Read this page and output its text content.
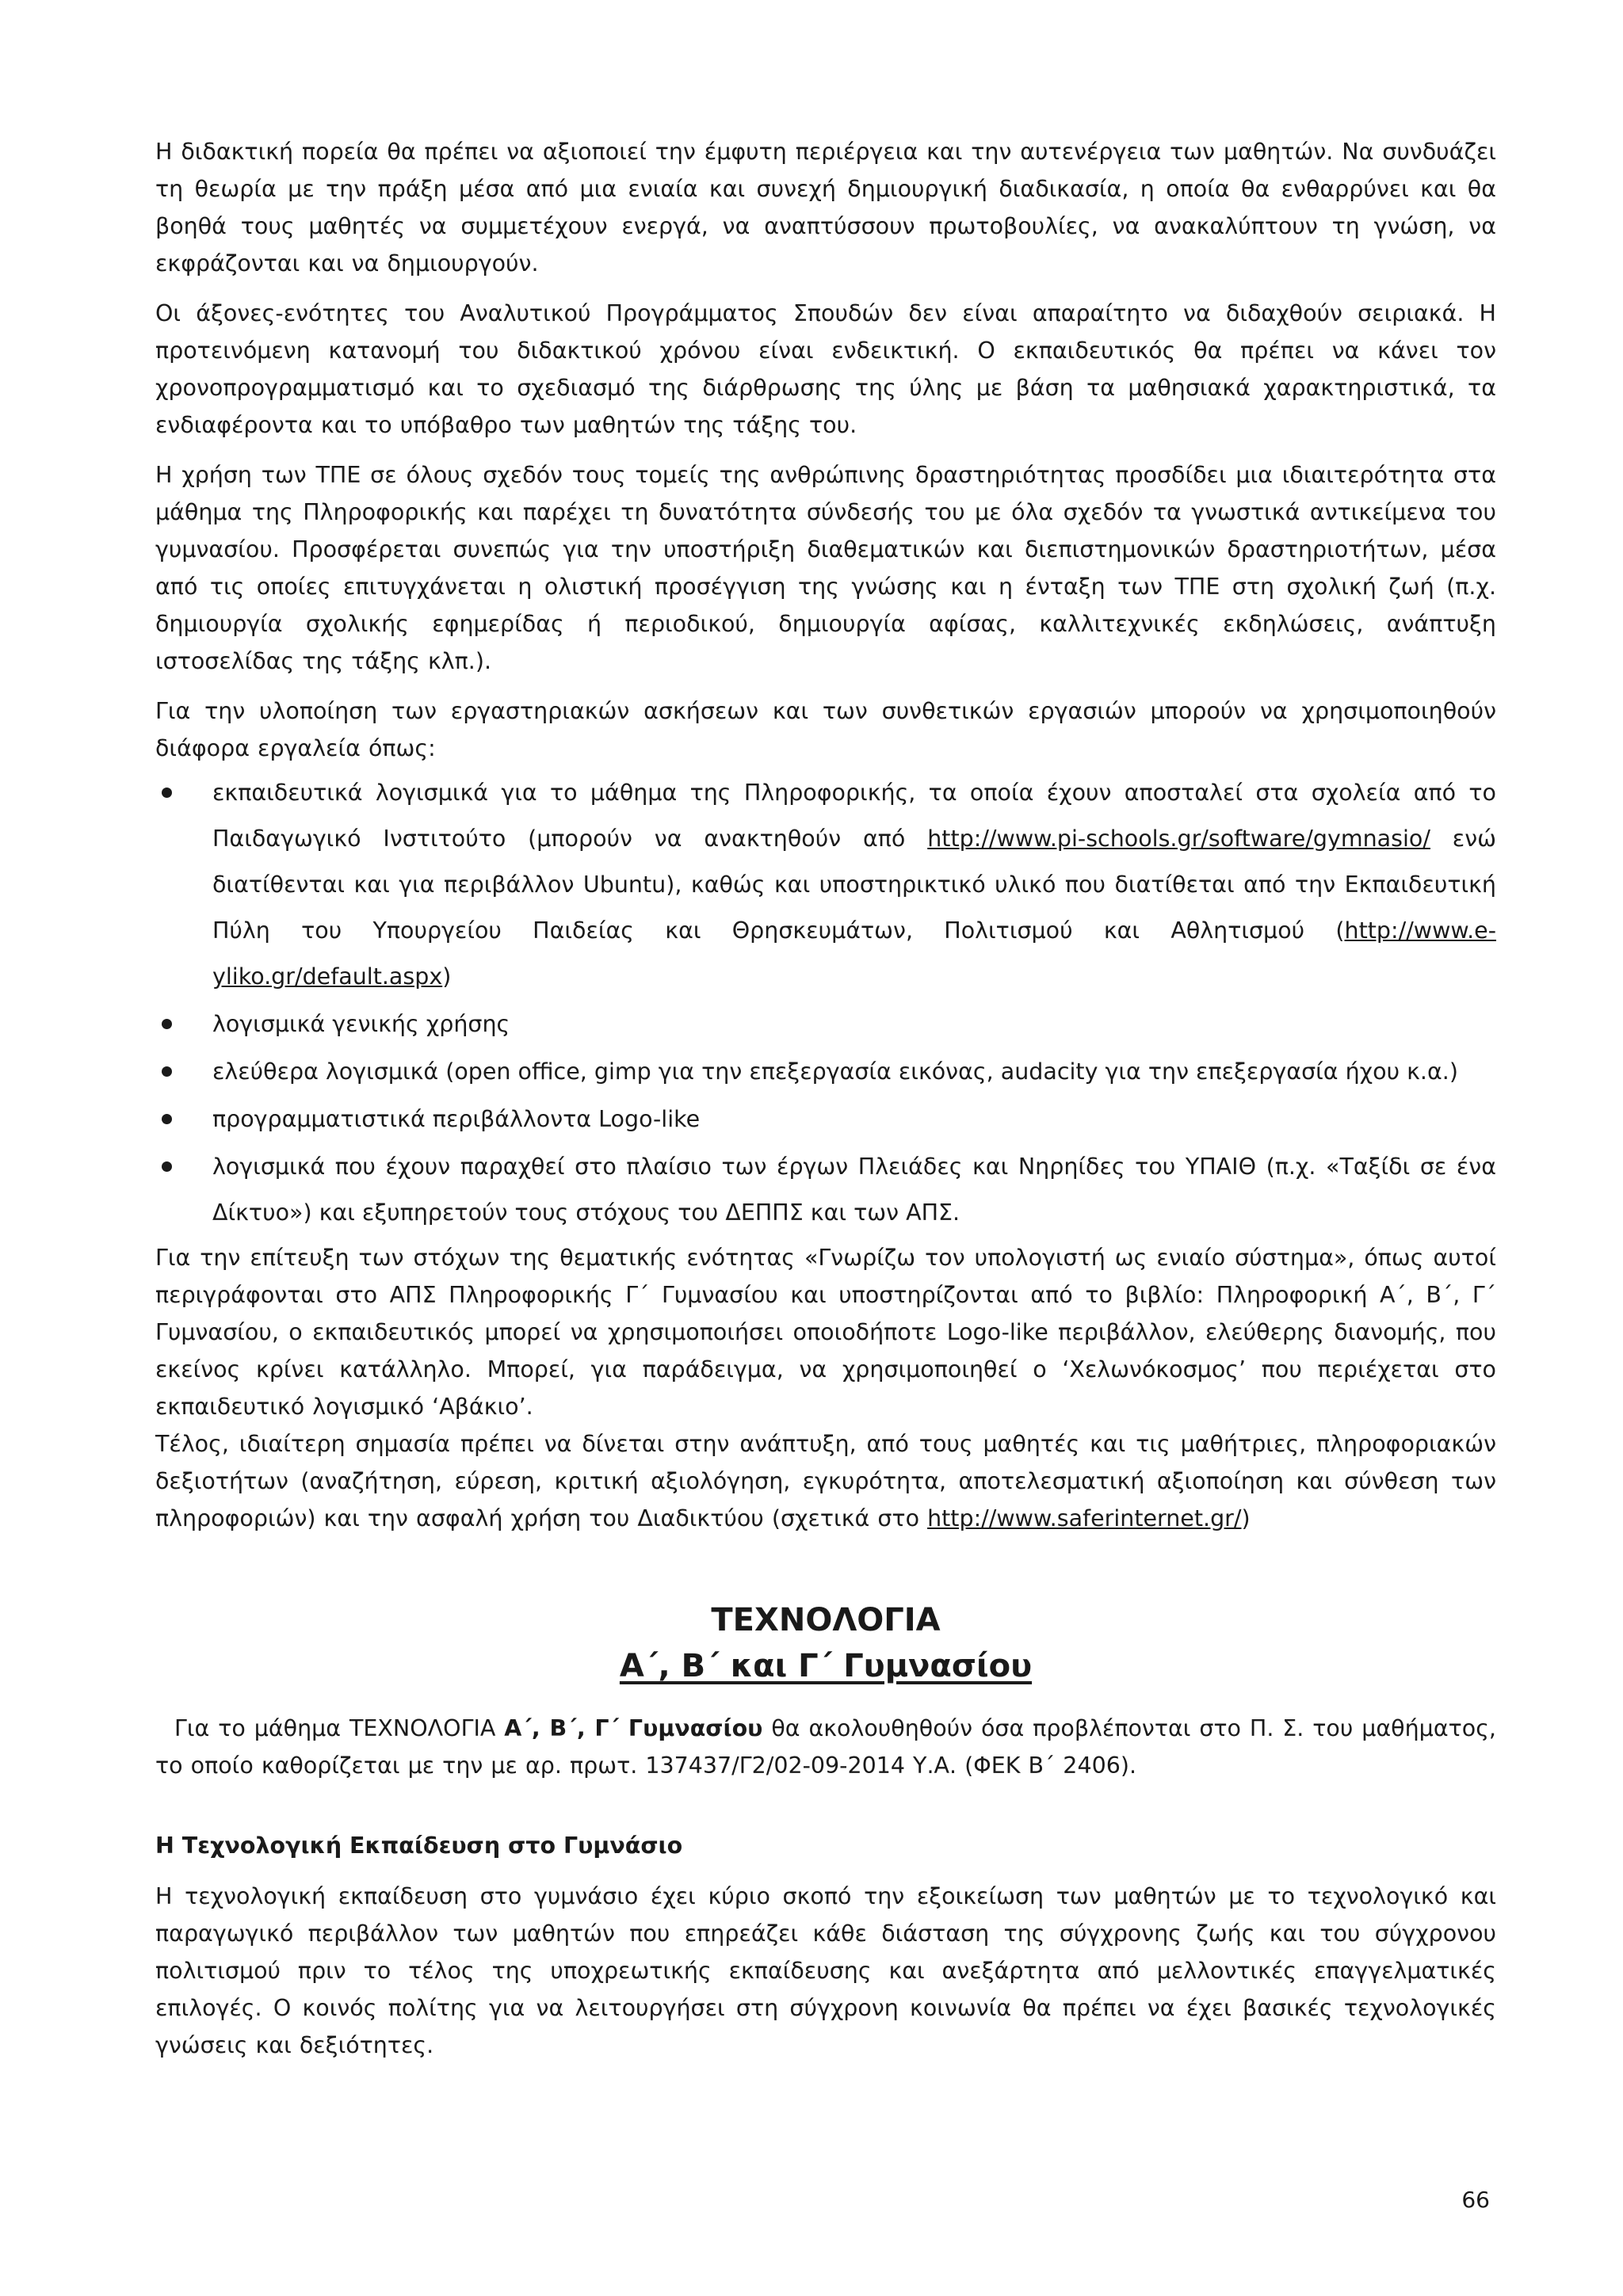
Η διδακτική πορεία θα πρέπει να αξιοποιεί την έμφυτη περιέργεια και την αυτενέργεια των μαθητών. Να συνδυάζει τη θεωρία με την πράξη μέσα από μια ενιαία και συνεχή δημιουργική διαδικασία, η οποία θα ενθαρρύνει και θα βοηθά τους μαθητές να συμμετέχουν ενεργά, να αναπτύσσουν πρωτοβουλίες, να ανακαλύπτουν τη γνώση, να εκφράζονται και να δημιουργούν.

Οι άξονες-ενότητες του Αναλυτικού Προγράμματος Σπουδών δεν είναι απαραίτητο να διδαχθούν σειριακά. Η προτεινόμενη κατανομή του διδακτικού χρόνου είναι ενδεικτική. Ο εκπαιδευτικός θα πρέπει να κάνει τον χρονοπρογραμματισμό και το σχεδιασμό της διάρθρωσης της ύλης με βάση τα μαθησιακά χαρακτηριστικά, τα ενδιαφέροντα και το υπόβαθρο των μαθητών της τάξης του.

Η χρήση των ΤΠΕ σε όλους σχεδόν τους τομείς της ανθρώπινης δραστηριότητας προσδίδει μια ιδιαιτερότητα στα μάθημα της Πληροφορικής και παρέχει τη δυνατότητα σύνδεσής του με όλα σχεδόν τα γνωστικά αντικείμενα του γυμνασίου. Προσφέρεται συνεπώς για την υποστήριξη διαθεματικών και διεπιστημονικών δραστηριοτήτων, μέσα από τις οποίες επιτυγχάνεται η ολιστική προσέγγιση της γνώσης και η ένταξη των ΤΠΕ στη σχολική ζωή (π.χ. δημιουργία σχολικής εφημερίδας ή περιοδικού, δημιουργία αφίσας, καλλιτεχνικές εκδηλώσεις, ανάπτυξη ιστοσελίδας της τάξης κλπ.).

Για την υλοποίηση των εργαστηριακών ασκήσεων και των συνθετικών εργασιών μπορούν να χρησιμοποιηθούν διάφορα εργαλεία όπως:

εκπαιδευτικά λογισμικά για το μάθημα της Πληροφορικής, τα οποία έχουν αποσταλεί στα σχολεία από το Παιδαγωγικό Ινστιτούτο (μπορούν να ανακτηθούν από http://www.pi-schools.gr/software/gymnasio/ ενώ διατίθενται και για περιβάλλον Ubuntu), καθώς και υποστηρικτικό υλικό που διατίθεται από την Εκπαιδευτική Πύλη του Υπουργείου Παιδείας και Θρησκευμάτων, Πολιτισμού και Αθλητισμού (http://www.e-yliko.gr/default.aspx)
λογισμικά γενικής χρήσης
ελεύθερα λογισμικά (open office, gimp για την επεξεργασία εικόνας, audacity για την επεξεργασία ήχου κ.α.)
προγραμματιστικά περιβάλλοντα Logo-like
λογισμικά που έχουν παραχθεί στο πλαίσιο των έργων Πλειάδες και Νηρηίδες του ΥΠΑΙΘ (π.χ. «Ταξίδι σε ένα Δίκτυο») και εξυπηρετούν τους στόχους του ΔΕΠΠΣ και των ΑΠΣ.

Για την επίτευξη των στόχων της θεματικής ενότητας «Γνωρίζω τον υπολογιστή ως ενιαίο σύστημα», όπως αυτοί περιγράφονται στο ΑΠΣ Πληροφορικής Γ΄ Γυμνασίου και υποστηρίζονται από το βιβλίο: Πληροφορική Α΄, Β΄, Γ΄ Γυμνασίου, ο εκπαιδευτικός μπορεί να χρησιμοποιήσει οποιοδήποτε Logo-like περιβάλλον, ελεύθερης διανομής, που εκείνος κρίνει κατάλληλο. Μπορεί, για παράδειγμα, να χρησιμοποιηθεί ο ‘Χελωνόκοσμος’ που περιέχεται στο εκπαιδευτικό λογισμικό ‘Αβάκιο’.

Τέλος, ιδιαίτερη σημασία πρέπει να δίνεται στην ανάπτυξη, από τους μαθητές και τις μαθήτριες, πληροφοριακών δεξιοτήτων (αναζήτηση, εύρεση, κριτική αξιολόγηση, εγκυρότητα, αποτελεσματική αξιοποίηση και σύνθεση των πληροφοριών) και την ασφαλή χρήση του Διαδικτύου (σχετικά στο http://www.saferinternet.gr/)

ΤΕΧΝΟΛΟΓΙΑ
Α΄, Β΄ και Γ΄ Γυμνασίου

Για το μάθημα ΤΕΧΝΟΛΟΓΙΑ Α΄, Β΄, Γ΄ Γυμνασίου θα ακολουθηθούν όσα προβλέπονται στο Π. Σ. του μαθήματος, το οποίο καθορίζεται με την με αρ. πρωτ. 137437/Γ2/02-09-2014 Υ.Α. (ΦΕΚ Β΄ 2406).

Η Τεχνολογική Εκπαίδευση στο Γυμνάσιο

Η τεχνολογική εκπαίδευση στο γυμνάσιο έχει κύριο σκοπό την εξοικείωση των μαθητών με το τεχνολογικό και παραγωγικό περιβάλλον των μαθητών που επηρεάζει κάθε διάσταση της σύγχρονης ζωής και του σύγχρονου πολιτισμού πριν το τέλος της υποχρεωτικής εκπαίδευσης και ανεξάρτητα από μελλοντικές επαγγελματικές επιλογές. Ο κοινός πολίτης για να λειτουργήσει στη σύγχρονη κοινωνία θα πρέπει να έχει βασικές τεχνολογικές γνώσεις και δεξιότητες.

66
